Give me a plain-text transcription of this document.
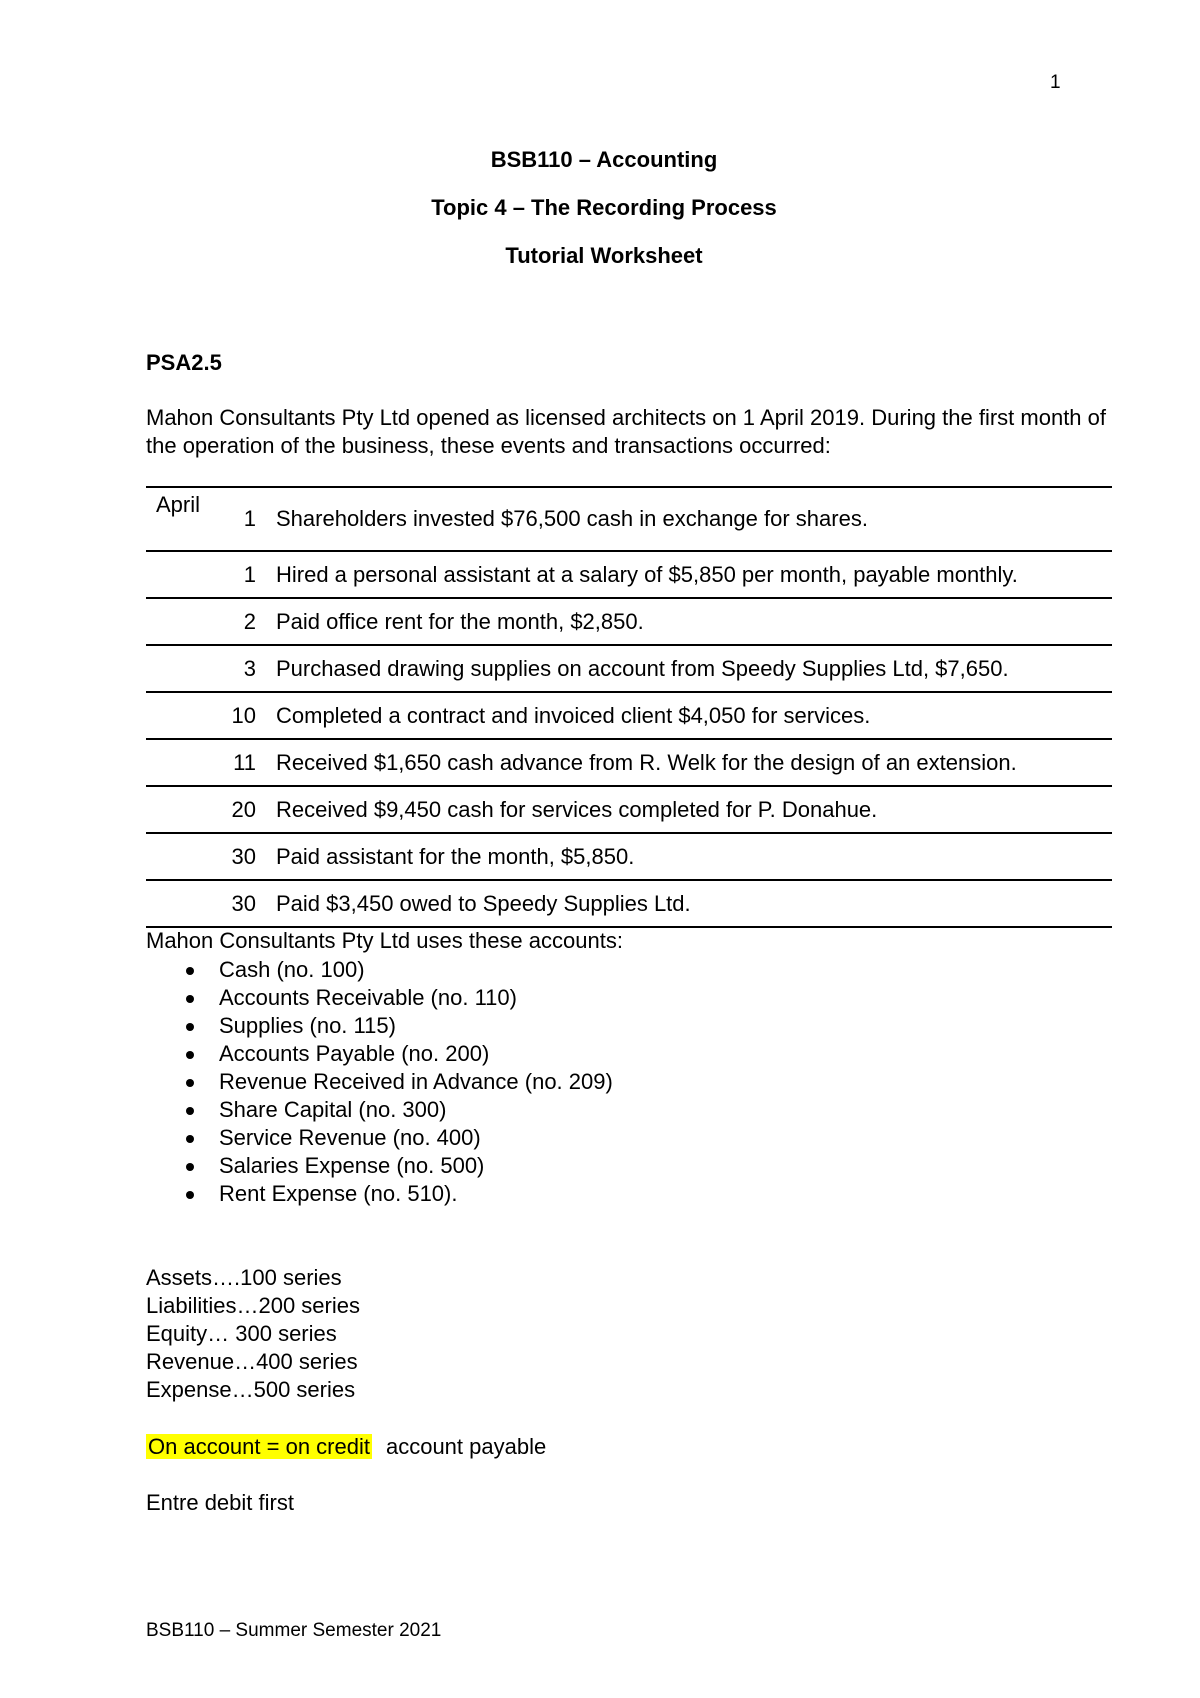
1
BSB110 – Accounting
Topic 4 – The Recording Process
Tutorial Worksheet
PSA2.5
Mahon Consultants Pty Ltd opened as licensed architects on 1 April 2019. During the first month of the operation of the business, these events and transactions occurred:
April	1	Shareholders invested $76,500 cash in exchange for shares.
	1	Hired a personal assistant at a salary of $5,850 per month, payable monthly.
	2	Paid office rent for the month, $2,850.
	3	Purchased drawing supplies on account from Speedy Supplies Ltd, $7,650.
	10	Completed a contract and invoiced client $4,050 for services.
	11	Received $1,650 cash advance from R. Welk for the design of an extension.
	20	Received $9,450 cash for services completed for P. Donahue.
	30	Paid assistant for the month, $5,850.
	30	Paid $3,450 owed to Speedy Supplies Ltd.
Mahon Consultants Pty Ltd uses these accounts:
Cash (no. 100)
Accounts Receivable (no. 110)
Supplies (no. 115)
Accounts Payable (no. 200)
Revenue Received in Advance (no. 209)
Share Capital (no. 300)
Service Revenue (no. 400)
Salaries Expense (no. 500)
Rent Expense (no. 510).
Assets….100 series
Liabilities…200 series
Equity… 300 series
Revenue…400 series
Expense…500 series
On account = on credit account payable
Entre debit first
BSB110 – Summer Semester 2021
